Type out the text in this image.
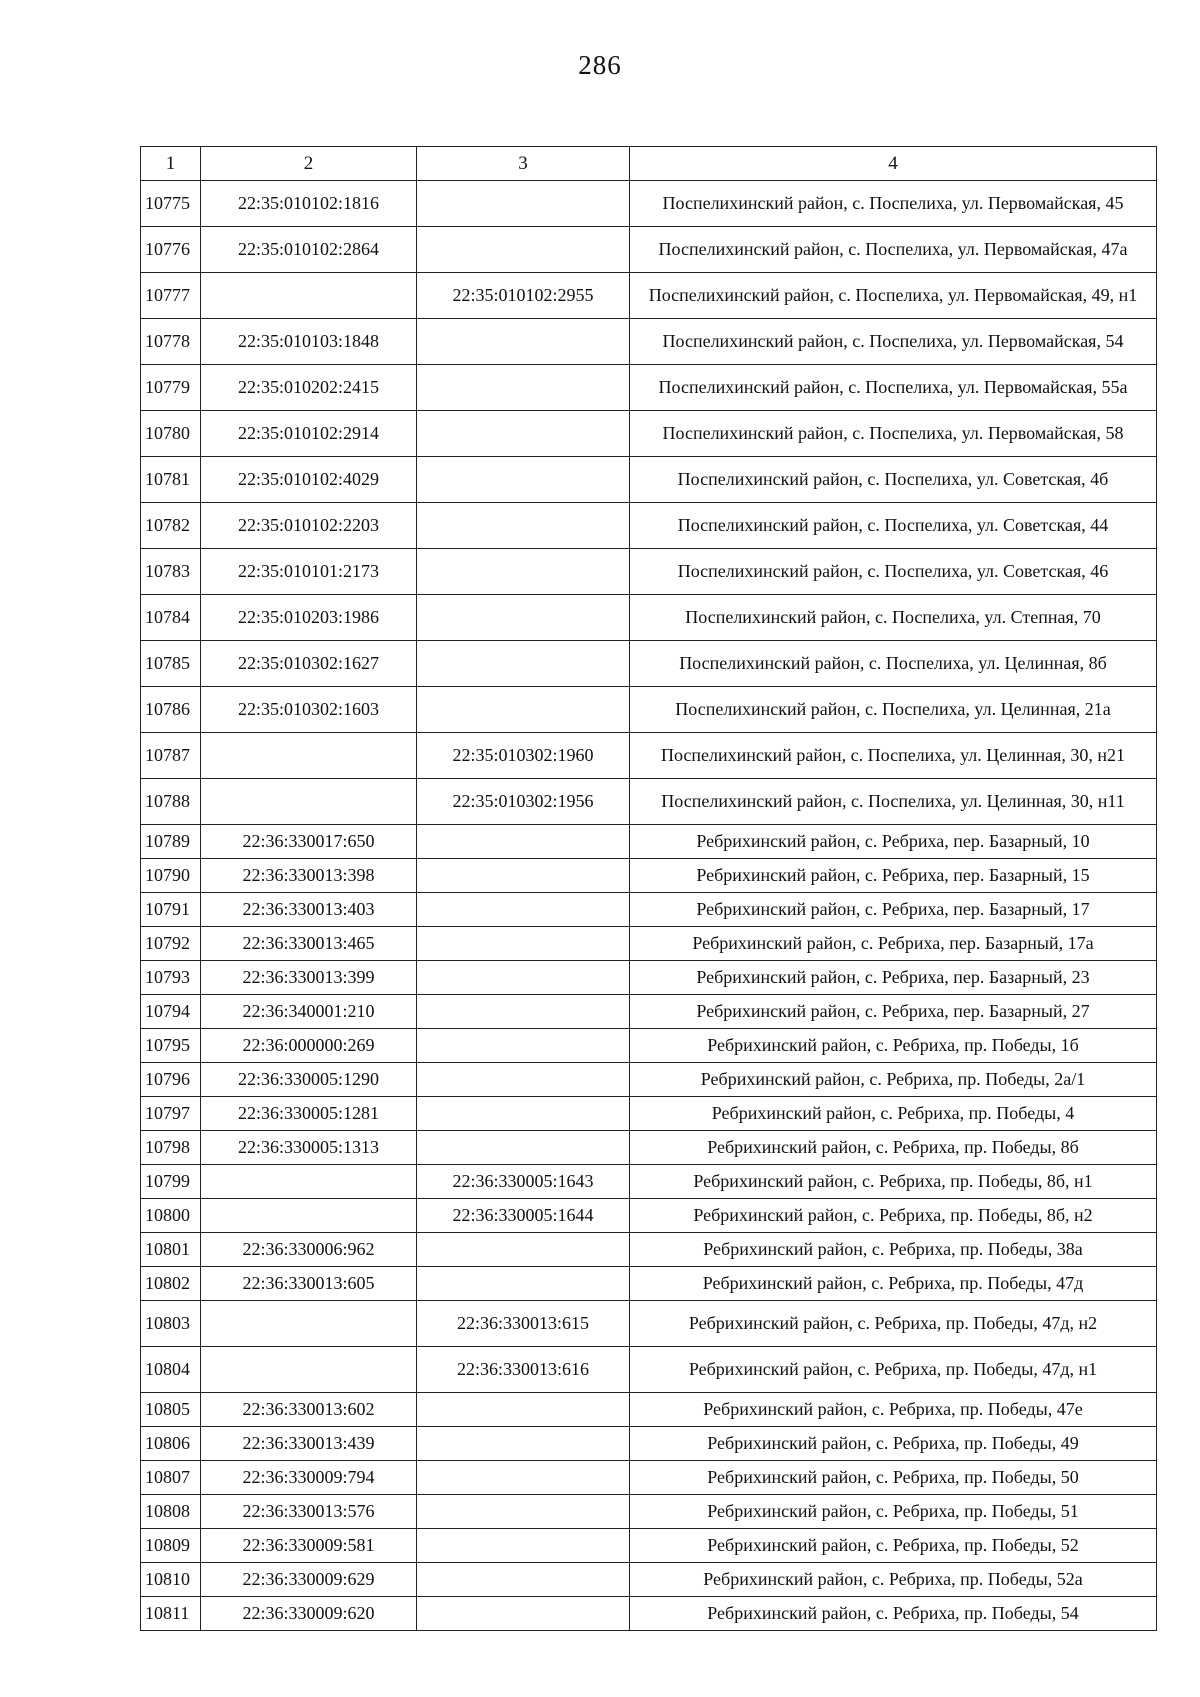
286
1	2	3	4
10775	22:35:010102:1816		Поспелихинский район, с. Поспелиха, ул. Первомайская, 45
10776	22:35:010102:2864		Поспелихинский район, с. Поспелиха, ул. Первомайская, 47а
10777		22:35:010102:2955	Поспелихинский район, с. Поспелиха, ул. Первомайская, 49, н1
10778	22:35:010103:1848		Поспелихинский район, с. Поспелиха, ул. Первомайская, 54
10779	22:35:010202:2415		Поспелихинский район, с. Поспелиха, ул. Первомайская, 55а
10780	22:35:010102:2914		Поспелихинский район, с. Поспелиха, ул. Первомайская, 58
10781	22:35:010102:4029		Поспелихинский район, с. Поспелиха, ул. Советская, 4б
10782	22:35:010102:2203		Поспелихинский район, с. Поспелиха, ул. Советская, 44
10783	22:35:010101:2173		Поспелихинский район, с. Поспелиха, ул. Советская, 46
10784	22:35:010203:1986		Поспелихинский район, с. Поспелиха, ул. Степная, 70
10785	22:35:010302:1627		Поспелихинский район, с. Поспелиха, ул. Целинная, 8б
10786	22:35:010302:1603		Поспелихинский район, с. Поспелиха, ул. Целинная, 21а
10787		22:35:010302:1960	Поспелихинский район, с. Поспелиха, ул. Целинная, 30, н21
10788		22:35:010302:1956	Поспелихинский район, с. Поспелиха, ул. Целинная, 30, н11
10789	22:36:330017:650		Ребрихинский район, с. Ребриха, пер. Базарный, 10
10790	22:36:330013:398		Ребрихинский район, с. Ребриха, пер. Базарный, 15
10791	22:36:330013:403		Ребрихинский район, с. Ребриха, пер. Базарный, 17
10792	22:36:330013:465		Ребрихинский район, с. Ребриха, пер. Базарный, 17а
10793	22:36:330013:399		Ребрихинский район, с. Ребриха, пер. Базарный, 23
10794	22:36:340001:210		Ребрихинский район, с. Ребриха, пер. Базарный, 27
10795	22:36:000000:269		Ребрихинский район, с. Ребриха, пр. Победы, 1б
10796	22:36:330005:1290		Ребрихинский район, с. Ребриха, пр. Победы, 2а/1
10797	22:36:330005:1281		Ребрихинский район, с. Ребриха, пр. Победы, 4
10798	22:36:330005:1313		Ребрихинский район, с. Ребриха, пр. Победы, 8б
10799		22:36:330005:1643	Ребрихинский район, с. Ребриха, пр. Победы, 8б, н1
10800		22:36:330005:1644	Ребрихинский район, с. Ребриха, пр. Победы, 8б, н2
10801	22:36:330006:962		Ребрихинский район, с. Ребриха, пр. Победы, 38а
10802	22:36:330013:605		Ребрихинский район, с. Ребриха, пр. Победы, 47д
10803		22:36:330013:615	Ребрихинский район, с. Ребриха, пр. Победы, 47д, н2
10804		22:36:330013:616	Ребрихинский район, с. Ребриха, пр. Победы, 47д, н1
10805	22:36:330013:602		Ребрихинский район, с. Ребриха, пр. Победы, 47е
10806	22:36:330013:439		Ребрихинский район, с. Ребриха, пр. Победы, 49
10807	22:36:330009:794		Ребрихинский район, с. Ребриха, пр. Победы, 50
10808	22:36:330013:576		Ребрихинский район, с. Ребриха, пр. Победы, 51
10809	22:36:330009:581		Ребрихинский район, с. Ребриха, пр. Победы, 52
10810	22:36:330009:629		Ребрихинский район, с. Ребриха, пр. Победы, 52а
10811	22:36:330009:620		Ребрихинский район, с. Ребриха, пр. Победы, 54
